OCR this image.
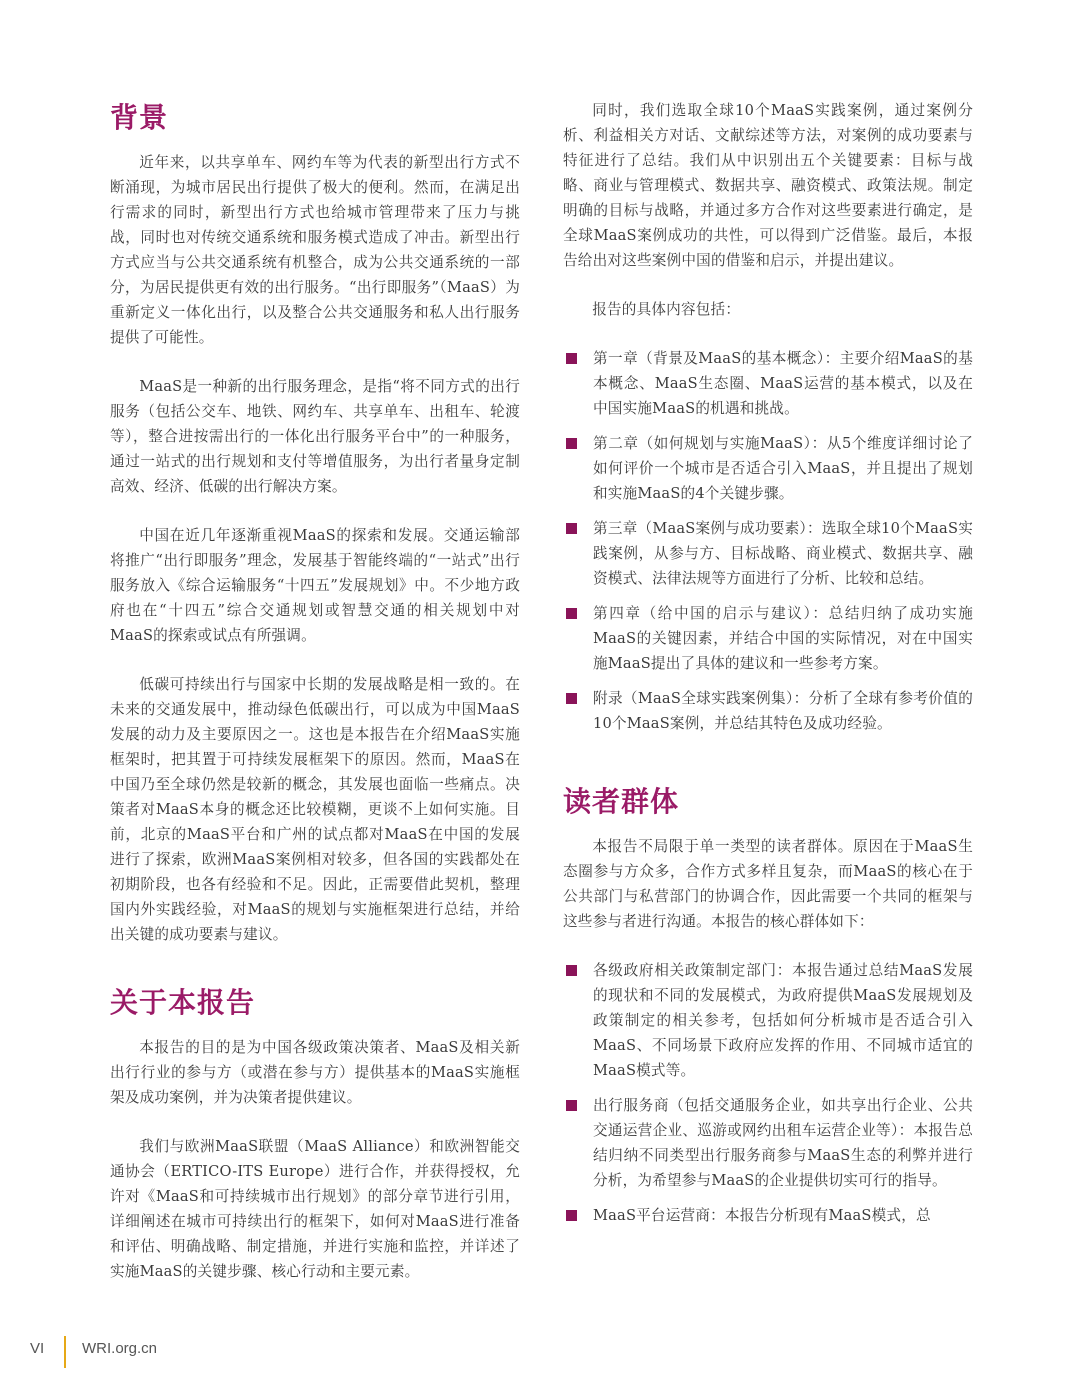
背景

近年来，以共享单车、网约车等为代表的新型出行方式不断涌现，为城市居民出行提供了极大的便利。然而，在满足出行需求的同时，新型出行方式也给城市管理带来了压力与挑战，同时也对传统交通系统和服务模式造成了冲击。新型出行方式应当与公共交通系统有机整合，成为公共交通系统的一部分，为居民提供更有效的出行服务。“出行即服务”（MaaS）为重新定义一体化出行，以及整合公共交通服务和私人出行服务提供了可能性。

MaaS是一种新的出行服务理念，是指“将不同方式的出行服务（包括公交车、地铁、网约车、共享单车、出租车、轮渡等），整合进按需出行的一体化出行服务平台中”的一种服务，通过一站式的出行规划和支付等增值服务，为出行者量身定制高效、经济、低碳的出行解决方案。

中国在近几年逐渐重视MaaS的探索和发展。交通运输部将推广“出行即服务”理念，发展基于智能终端的“一站式”出行服务放入《综合运输服务“十四五”发展规划》中。不少地方政府也在“十四五”综合交通规划或智慧交通的相关规划中对MaaS的探索或试点有所强调。

低碳可持续出行与国家中长期的发展战略是相一致的。在未来的交通发展中，推动绿色低碳出行，可以成为中国MaaS发展的动力及主要原因之一。这也是本报告在介绍MaaS实施框架时，把其置于可持续发展框架下的原因。然而，MaaS在中国乃至全球仍然是较新的概念，其发展也面临一些痛点。决策者对MaaS本身的概念还比较模糊，更谈不上如何实施。目前，北京的MaaS平台和广州的试点都对MaaS在中国的发展进行了探索，欧洲MaaS案例相对较多，但各国的实践都处在初期阶段，也各有经验和不足。因此，正需要借此契机，整理国内外实践经验，对MaaS的规划与实施框架进行总结，并给出关键的成功要素与建议。

关于本报告

本报告的目的是为中国各级政策决策者、MaaS及相关新出行行业的参与方（或潜在参与方）提供基本的MaaS实施框架及成功案例，并为决策者提供建议。

我们与欧洲MaaS联盟（MaaS Alliance）和欧洲智能交通协会（ERTICO-ITS Europe）进行合作，并获得授权，允许对《MaaS和可持续城市出行规划》的部分章节进行引用，详细阐述在城市可持续出行的框架下，如何对MaaS进行准备和评估、明确战略、制定措施，并进行实施和监控，并详述了实施MaaS的关键步骤、核心行动和主要元素。

同时，我们选取全球10个MaaS实践案例，通过案例分析、利益相关方对话、文献综述等方法，对案例的成功要素与特征进行了总结。我们从中识别出五个关键要素：目标与战略、商业与管理模式、数据共享、融资模式、政策法规。制定明确的目标与战略，并通过多方合作对这些要素进行确定，是全球MaaS案例成功的共性，可以得到广泛借鉴。最后，本报告给出对这些案例中国的借鉴和启示，并提出建议。

报告的具体内容包括：

第一章（背景及MaaS的基本概念）：主要介绍MaaS的基本概念、MaaS生态圈、MaaS运营的基本模式，以及在中国实施MaaS的机遇和挑战。
第二章（如何规划与实施MaaS）：从5个维度详细讨论了如何评价一个城市是否适合引入MaaS，并且提出了规划和实施MaaS的4个关键步骤。
第三章（MaaS案例与成功要素）：选取全球10个MaaS实践案例，从参与方、目标战略、商业模式、数据共享、融资模式、法律法规等方面进行了分析、比较和总结。
第四章（给中国的启示与建议）：总结归纳了成功实施MaaS的关键因素，并结合中国的实际情况，对在中国实施MaaS提出了具体的建议和一些参考方案。
附录（MaaS全球实践案例集）：分析了全球有参考价值的10个MaaS案例，并总结其特色及成功经验。
读者群体

本报告不局限于单一类型的读者群体。原因在于MaaS生态圈参与方众多，合作方式多样且复杂，而MaaS的核心在于公共部门与私营部门的协调合作，因此需要一个共同的框架与这些参与者进行沟通。本报告的核心群体如下：

各级政府相关政策制定部门：本报告通过总结MaaS发展的现状和不同的发展模式，为政府提供MaaS发展规划及政策制定的相关参考，包括如何分析城市是否适合引入MaaS、不同场景下政府应发挥的作用、不同城市适宜的MaaS模式等。
出行服务商（包括交通服务企业，如共享出行企业、公共交通运营企业、巡游或网约出租车运营企业等）：本报告总结归纳不同类型出行服务商参与MaaS生态的利弊并进行分析，为希望参与MaaS的企业提供切实可行的指导。
MaaS平台运营商：本报告分析现有MaaS模式，总
VI	WRI.org.cn
